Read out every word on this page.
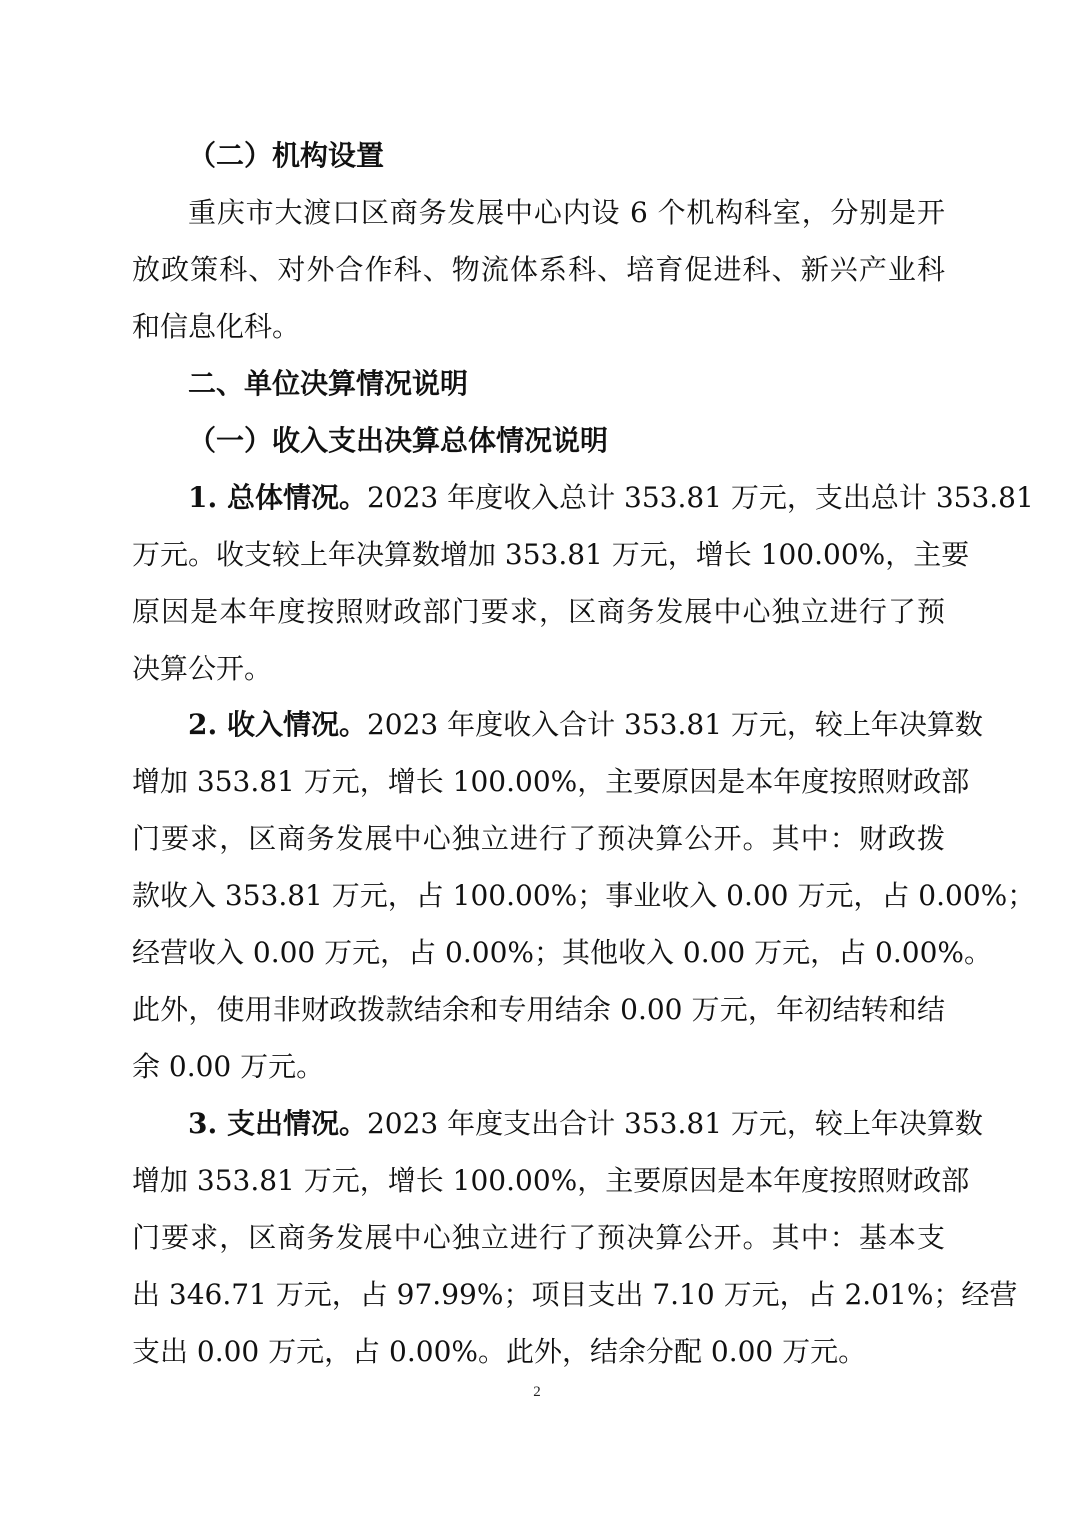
（二）机构设置
重庆市大渡口区商务发展中心内设 6 个机构科室，分别是开
放政策科、对外合作科、物流体系科、培育促进科、新兴产业科
和信息化科。
二、单位决算情况说明
（一）收入支出决算总体情况说明
1. 总体情况。 2023 年度收入总计 353.81 万元，支出总计 353.81
万元。收支较上年决算数增加 353.81 万元，增长 100.00%，主要
原因是本年度按照财政部门要求，区商务发展中心独立进行了预
决算公开。
2. 收入情况。 2023 年度收入合计 353.81 万元，较上年决算数
增加 353.81 万元，增长 100.00%，主要原因是本年度按照财政部
门要求，区商务发展中心独立进行了预决算公开。其中：财政拨
款收入 353.81 万元，占 100.00%；事业收入 0.00 万元，占 0.00%；
经营收入 0.00 万元，占 0.00%；其他收入 0.00 万元，占 0.00%。
此外，使用非财政拨款结余和专用结余 0.00 万元，年初结转和结
余 0.00 万元。
3. 支出情况。 2023 年度支出合计 353.81 万元，较上年决算数
增加 353.81 万元，增长 100.00%，主要原因是本年度按照财政部
门要求，区商务发展中心独立进行了预决算公开。其中：基本支
出 346.71 万元，占 97.99%；项目支出 7.10 万元，占 2.01%；经营
支出 0.00 万元，占 0.00%。此外，结余分配 0.00 万元。
2
